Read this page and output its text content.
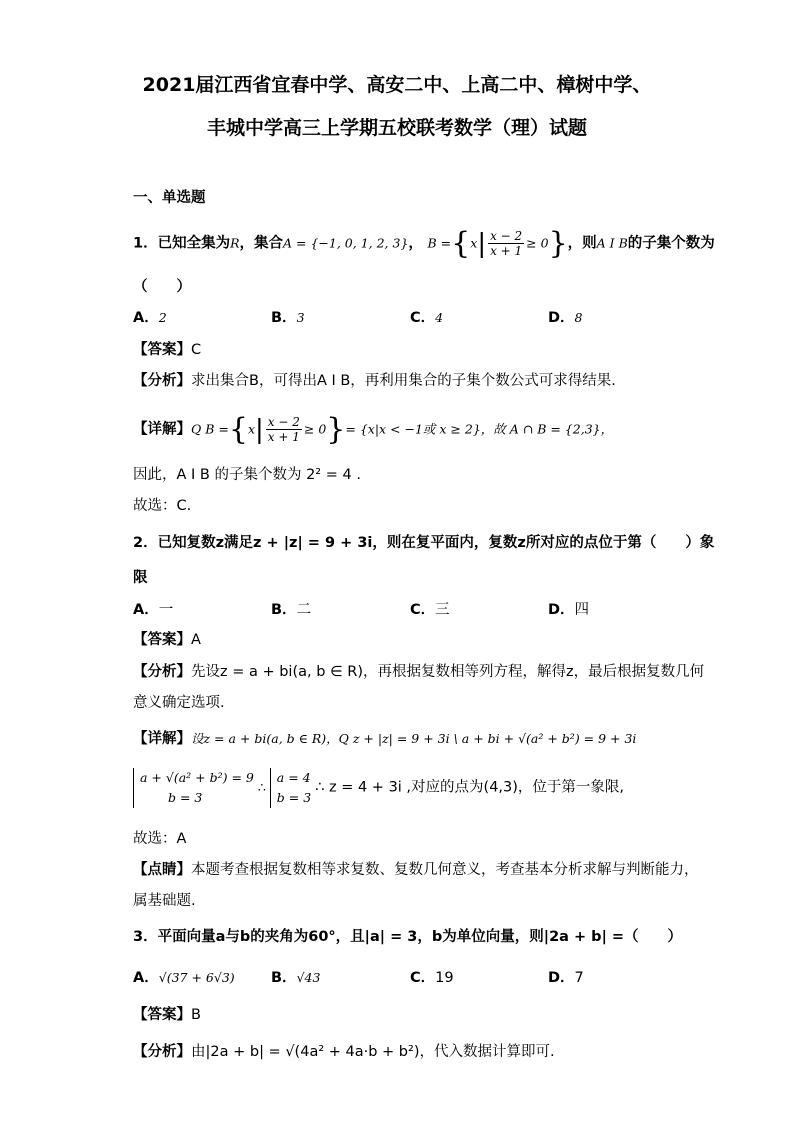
2021届江西省宜春中学、高安二中、上高二中、樟树中学、
丰城中学高三上学期五校联考数学（理）试题
一、单选题
1．已知全集为R，集合A = {−1, 0, 1, 2, 3}， $B =\{x| \frac{x - 2}{x + 1} \ge 0\}$，则A I B的子集个数为
（　　）
A．2	B．3	C．4	D．8
【答案】C
【分析】求出集合B，可得出A I B，再利用集合的子集个数公式可求得结果.
【详解】Q $B =\{x| \frac{x - 2}{x + 1} \ge 0\}= \{x|x < -1$或 x ≥ 2}，故 A ∩ B = {2,3}，
因此，A I B 的子集个数为 2² = 4 .
故选：C.
2．已知复数z满足z + |z| = 9 + 3i，则在复平面内，复数z所对应的点位于第（　　）象
限
A．一	B．二	C．三	D．四
【答案】A
【分析】先设z = a + bi(a, b ∈ R)，再根据复数相等列方程，解得z，最后根据复数几何
意义确定选项.
【详解】设z = a + bi(a, b ∈ R)，Q z + |z| = 9 + 3i \ a + bi + √(a² + b²) = 9 + 3i
a + √(a² + b²) = 9
b = 3
∴
a = 4
b = 3
∴ z = 4 + 3i ,对应的点为(4,3)，位于第一象限,
故选：A
【点睛】本题考查根据复数相等求复数、复数几何意义，考查基本分析求解与判断能力，
属基础题.
3．平面向量a与b的夹角为60°，且|a| = 3，b为单位向量，则|2a + b| =（　　）
A．√(37 + 6√3)	B．√43	C．19	D．7
【答案】B
【分析】由|2a + b| = √(4a² + 4a·b + b²)，代入数据计算即可.
